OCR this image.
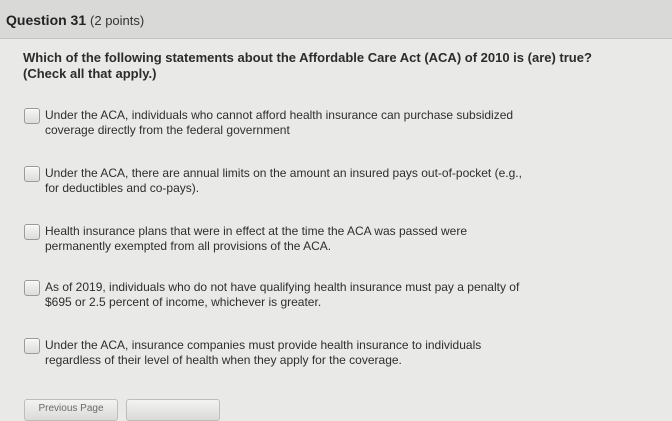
Question 31 (2 points)
Which of the following statements about the Affordable Care Act (ACA) of 2010 is (are) true?
(Check all that apply.)
Under the ACA, individuals who cannot afford health insurance can purchase subsidized
coverage directly from the federal government
Under the ACA, there are annual limits on the amount an insured pays out-of-pocket (e.g.,
for deductibles and co-pays).
Health insurance plans that were in effect at the time the ACA was passed were
permanently exempted from all provisions of the ACA.
As of 2019, individuals who do not have qualifying health insurance must pay a penalty of
$695 or 2.5 percent of income, whichever is greater.
Under the ACA, insurance companies must provide health insurance to individuals
regardless of their level of health when they apply for the coverage.
Previous Page
